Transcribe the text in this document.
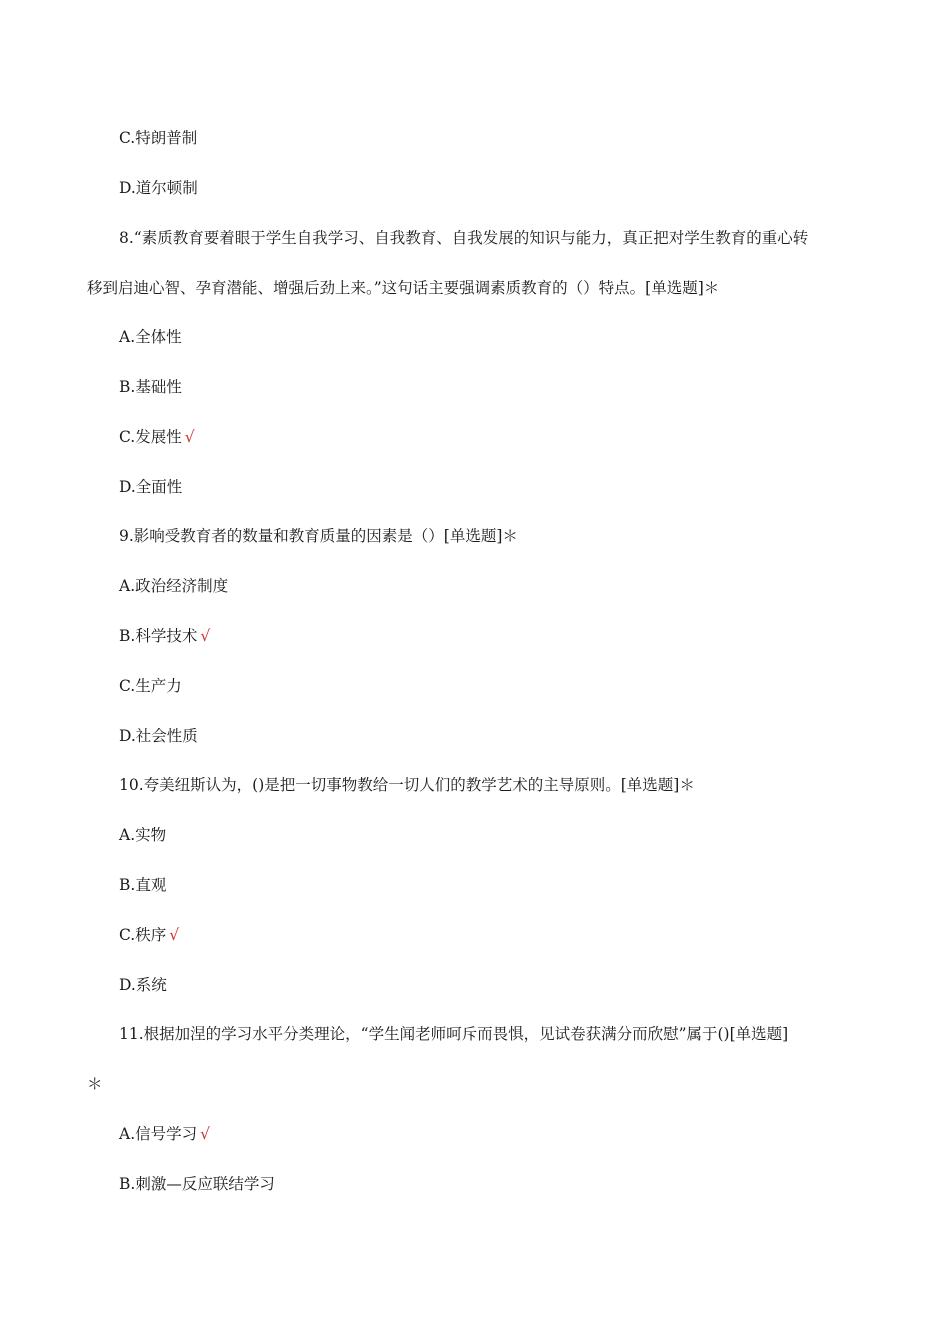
C.特朗普制
D.道尔顿制
8.“素质教育要着眼于学生自我学习、自我教育、自我发展的知识与能力，真正把对学生教育的重心转
移到启迪心智、孕育潜能、增强后劲上来。”这句话主要强调素质教育的（）特点。[单选题]＊
A.全体性
B.基础性
C.发展性 √
D.全面性
9.影响受教育者的数量和教育质量的因素是（）[单选题]＊
A.政治经济制度
B.科学技术 √
C.生产力
D.社会性质
10.夸美纽斯认为，()是把一切事物教给一切人们的教学艺术的主导原则。[单选题]＊
A.实物
B.直观
C.秩序 √
D.系统
11.根据加涅的学习水平分类理论，“学生闻老师呵斥而畏惧，见试卷获满分而欣慰”属于()[单选题]
＊
A.信号学习 √
B.刺激—反应联结学习
